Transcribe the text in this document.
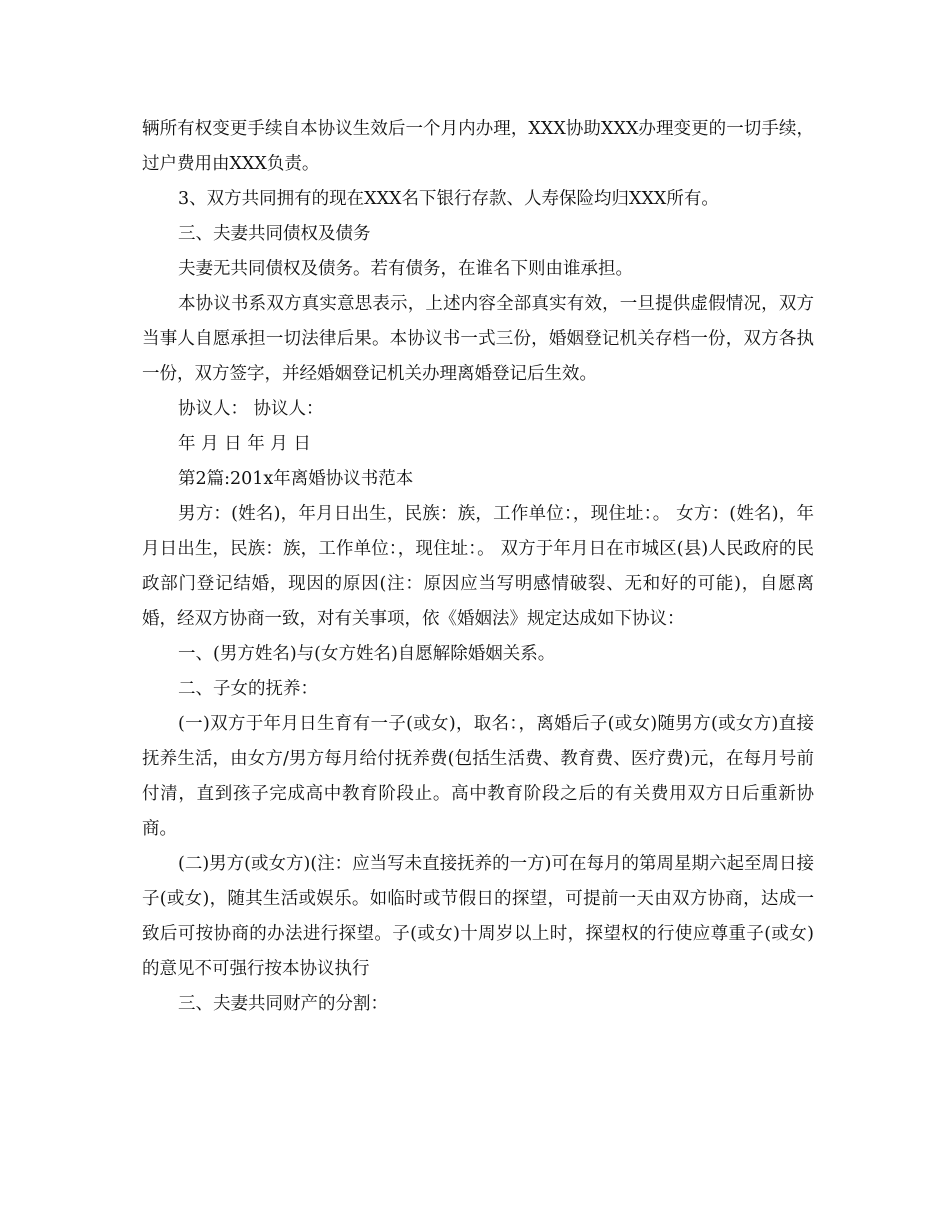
辆所有权变更手续自本协议生效后一个月内办理，XXX协助XXX办理变更的一切手续，过户费用由XXX负责。

3、双方共同拥有的现在XXX名下银行存款、人寿保险均归XXX所有。

三、夫妻共同债权及债务

夫妻无共同债权及债务。若有债务，在谁名下则由谁承担。

本协议书系双方真实意思表示，上述内容全部真实有效，一旦提供虚假情况，双方当事人自愿承担一切法律后果。本协议书一式三份，婚姻登记机关存档一份，双方各执一份，双方签字，并经婚姻登记机关办理离婚登记后生效。

协议人： 协议人：

年 月 日 年 月 日

第2篇:201x年离婚协议书范本

男方：(姓名)，年月日出生，民族：族，工作单位：，现住址：。 女方：(姓名)，年月日出生，民族：族，工作单位：，现住址：。 双方于年月日在市城区(县)人民政府的民政部门登记结婚，现因的原因(注：原因应当写明感情破裂、无和好的可能)，自愿离婚，经双方协商一致，对有关事项，依《婚姻法》规定达成如下协议：

一、(男方姓名)与(女方姓名)自愿解除婚姻关系。

二、子女的抚养：

(一)双方于年月日生育有一子(或女)，取名：，离婚后子(或女)随男方(或女方)直接抚养生活，由女方/男方每月给付抚养费(包括生活费、教育费、医疗费)元，在每月号前付清，直到孩子完成高中教育阶段止。高中教育阶段之后的有关费用双方日后重新协商。

(二)男方(或女方)(注：应当写未直接抚养的一方)可在每月的第周星期六起至周日接子(或女)，随其生活或娱乐。如临时或节假日的探望，可提前一天由双方协商，达成一致后可按协商的办法进行探望。子(或女)十周岁以上时，探望权的行使应尊重子(或女)的意见不可强行按本协议执行

三、夫妻共同财产的分割：
